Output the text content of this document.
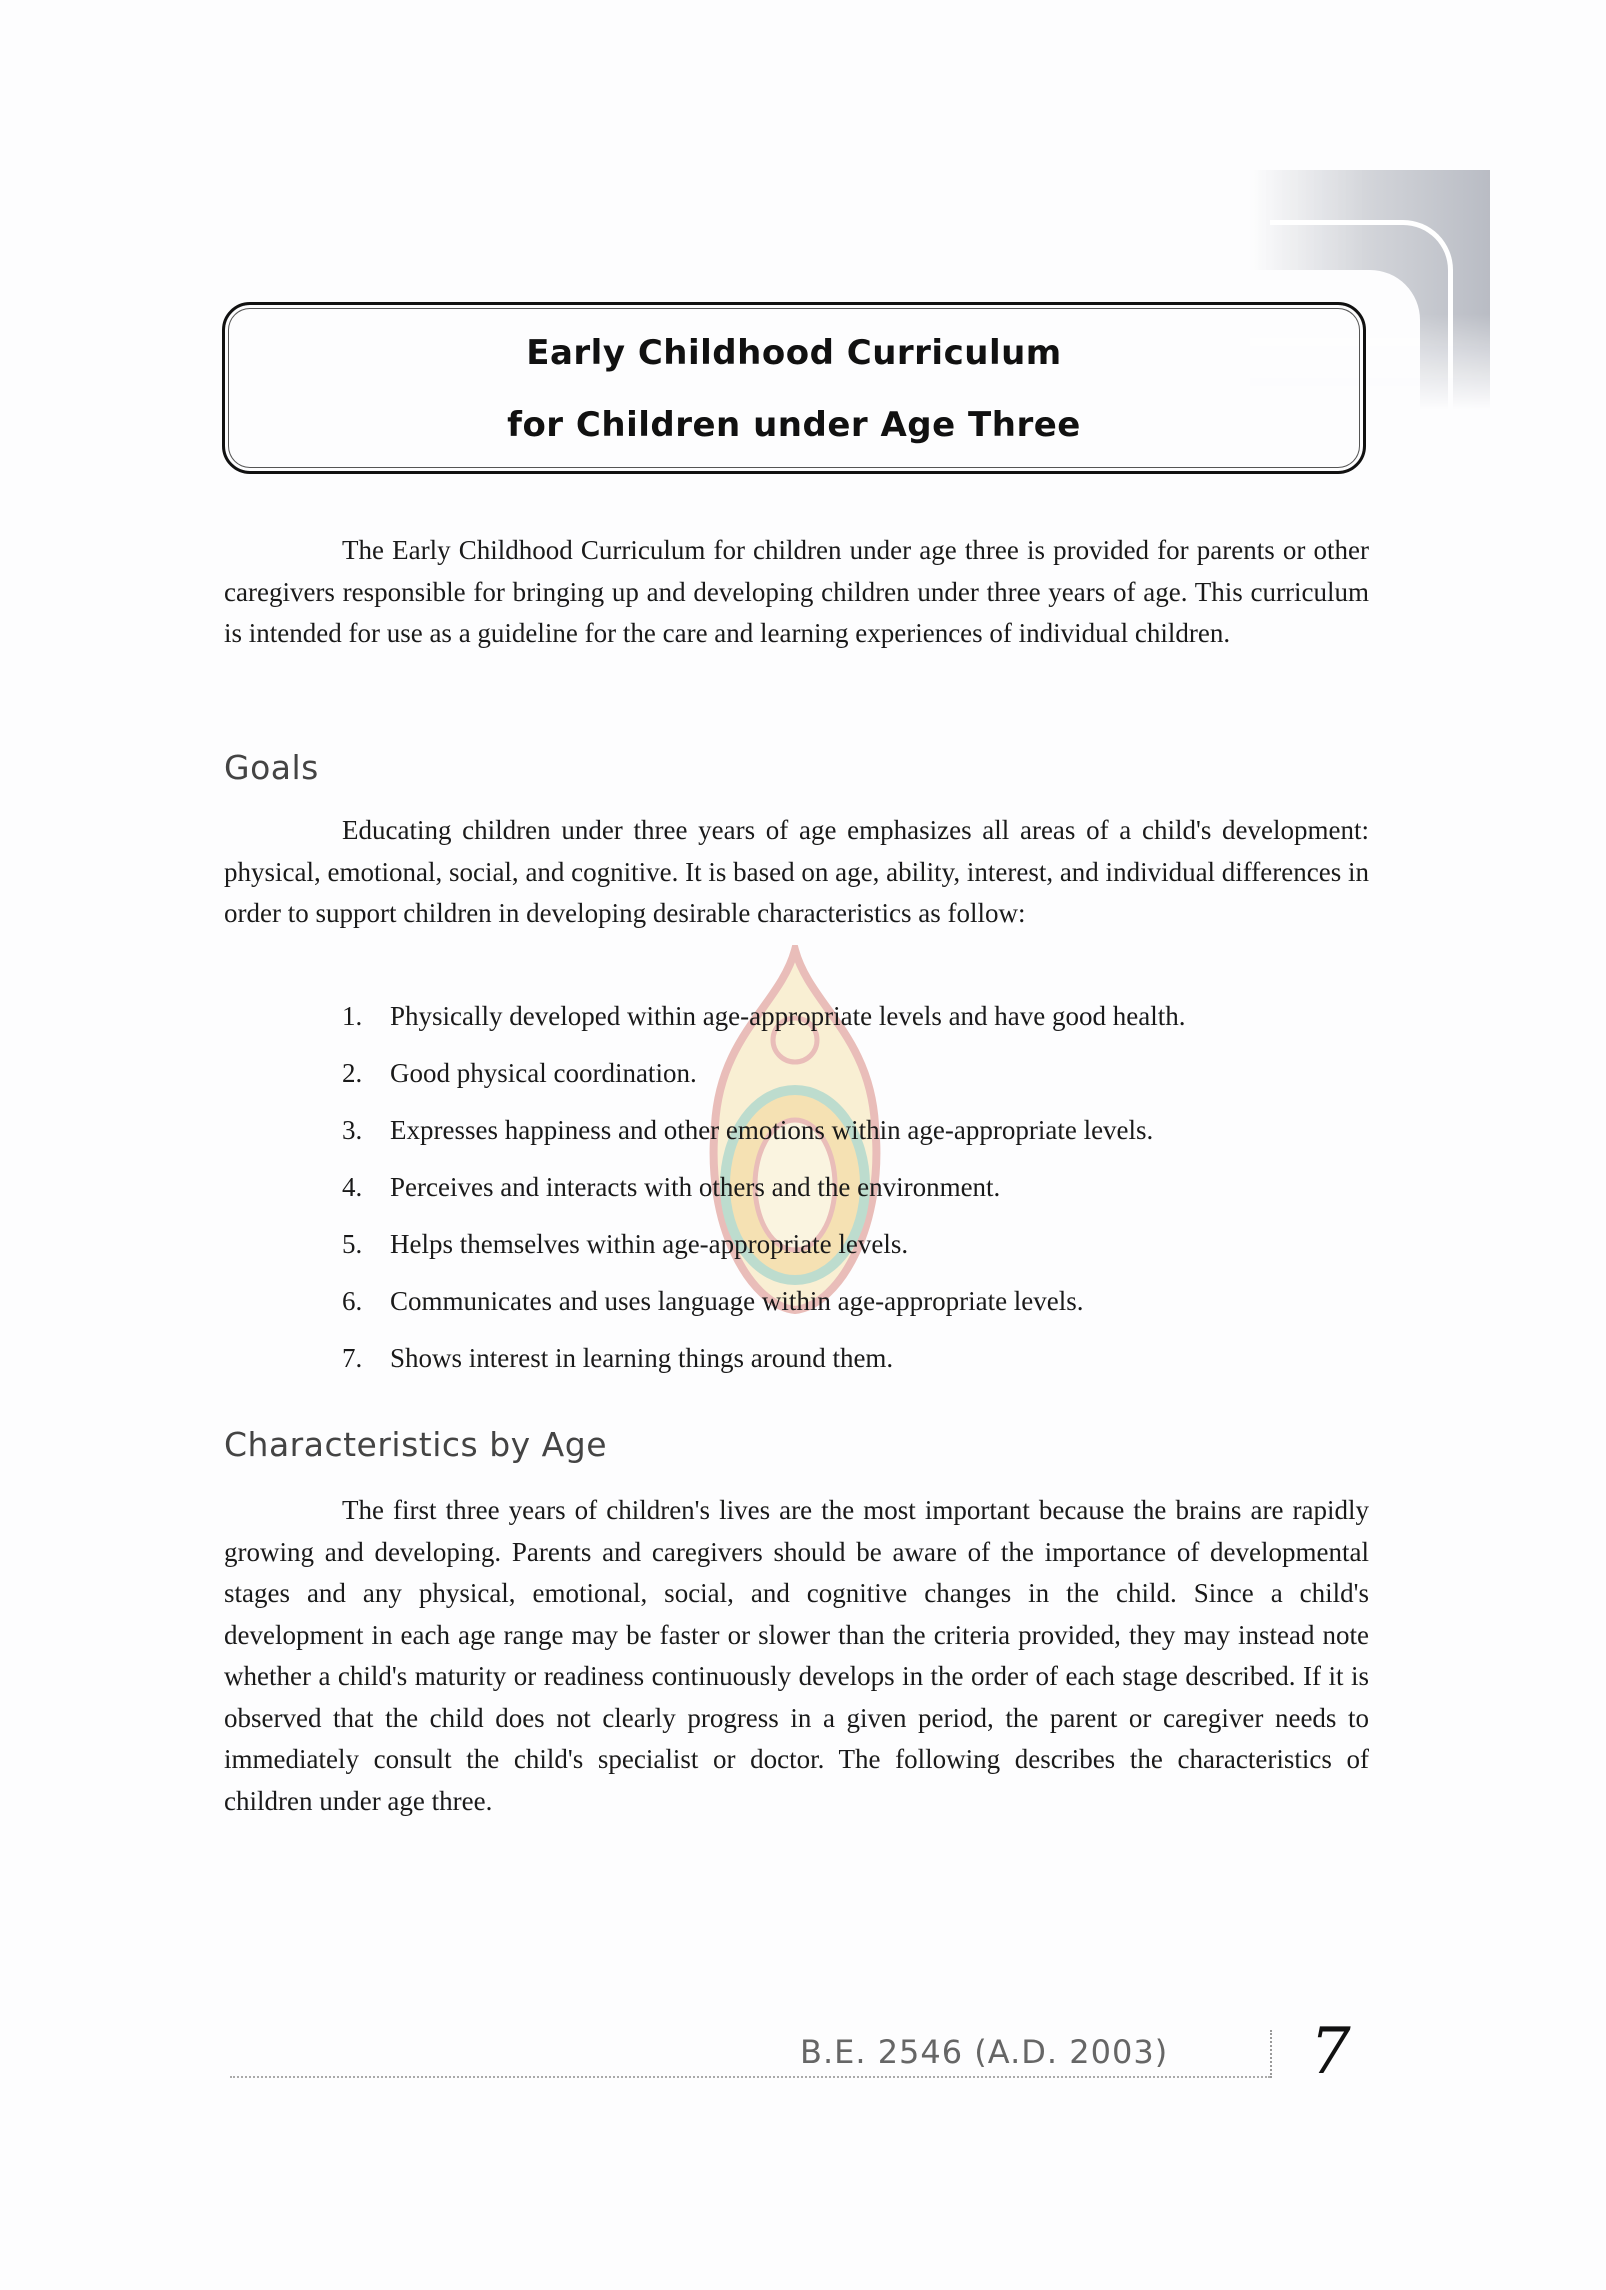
Early Childhood Curriculum
for Children under Age Three
The Early Childhood Curriculum for children under age three is provided for parents or other caregivers responsible for bringing up and developing children under three years of age. This curriculum is intended for use as a guideline for the care and learning experiences of individual children.
Goals
Educating children under three years of age emphasizes all areas of a child's development: physical, emotional, social, and cognitive. It is based on age, ability, interest, and individual differences in order to support children in developing desirable characteristics as follow:
1. Physically developed within age-appropriate levels and have good health.
2. Good physical coordination.
3. Expresses happiness and other emotions within age-appropriate levels.
4. Perceives and interacts with others and the environment.
5. Helps themselves within age-appropriate levels.
6. Communicates and uses language within age-appropriate levels.
7. Shows interest in learning things around them.
Characteristics by Age
The first three years of children's lives are the most important because the brains are rapidly growing and developing. Parents and caregivers should be aware of the importance of developmental stages and any physical, emotional, social, and cognitive changes in the child. Since a child's development in each age range may be faster or slower than the criteria provided, they may instead note whether a child's maturity or readiness continuously develops in the order of each stage described. If it is observed that the child does not clearly progress in a given period, the parent or caregiver needs to immediately consult the child's specialist or doctor. The following describes the characteristics of children under age three.
B.E. 2546 (A.D. 2003) 7
